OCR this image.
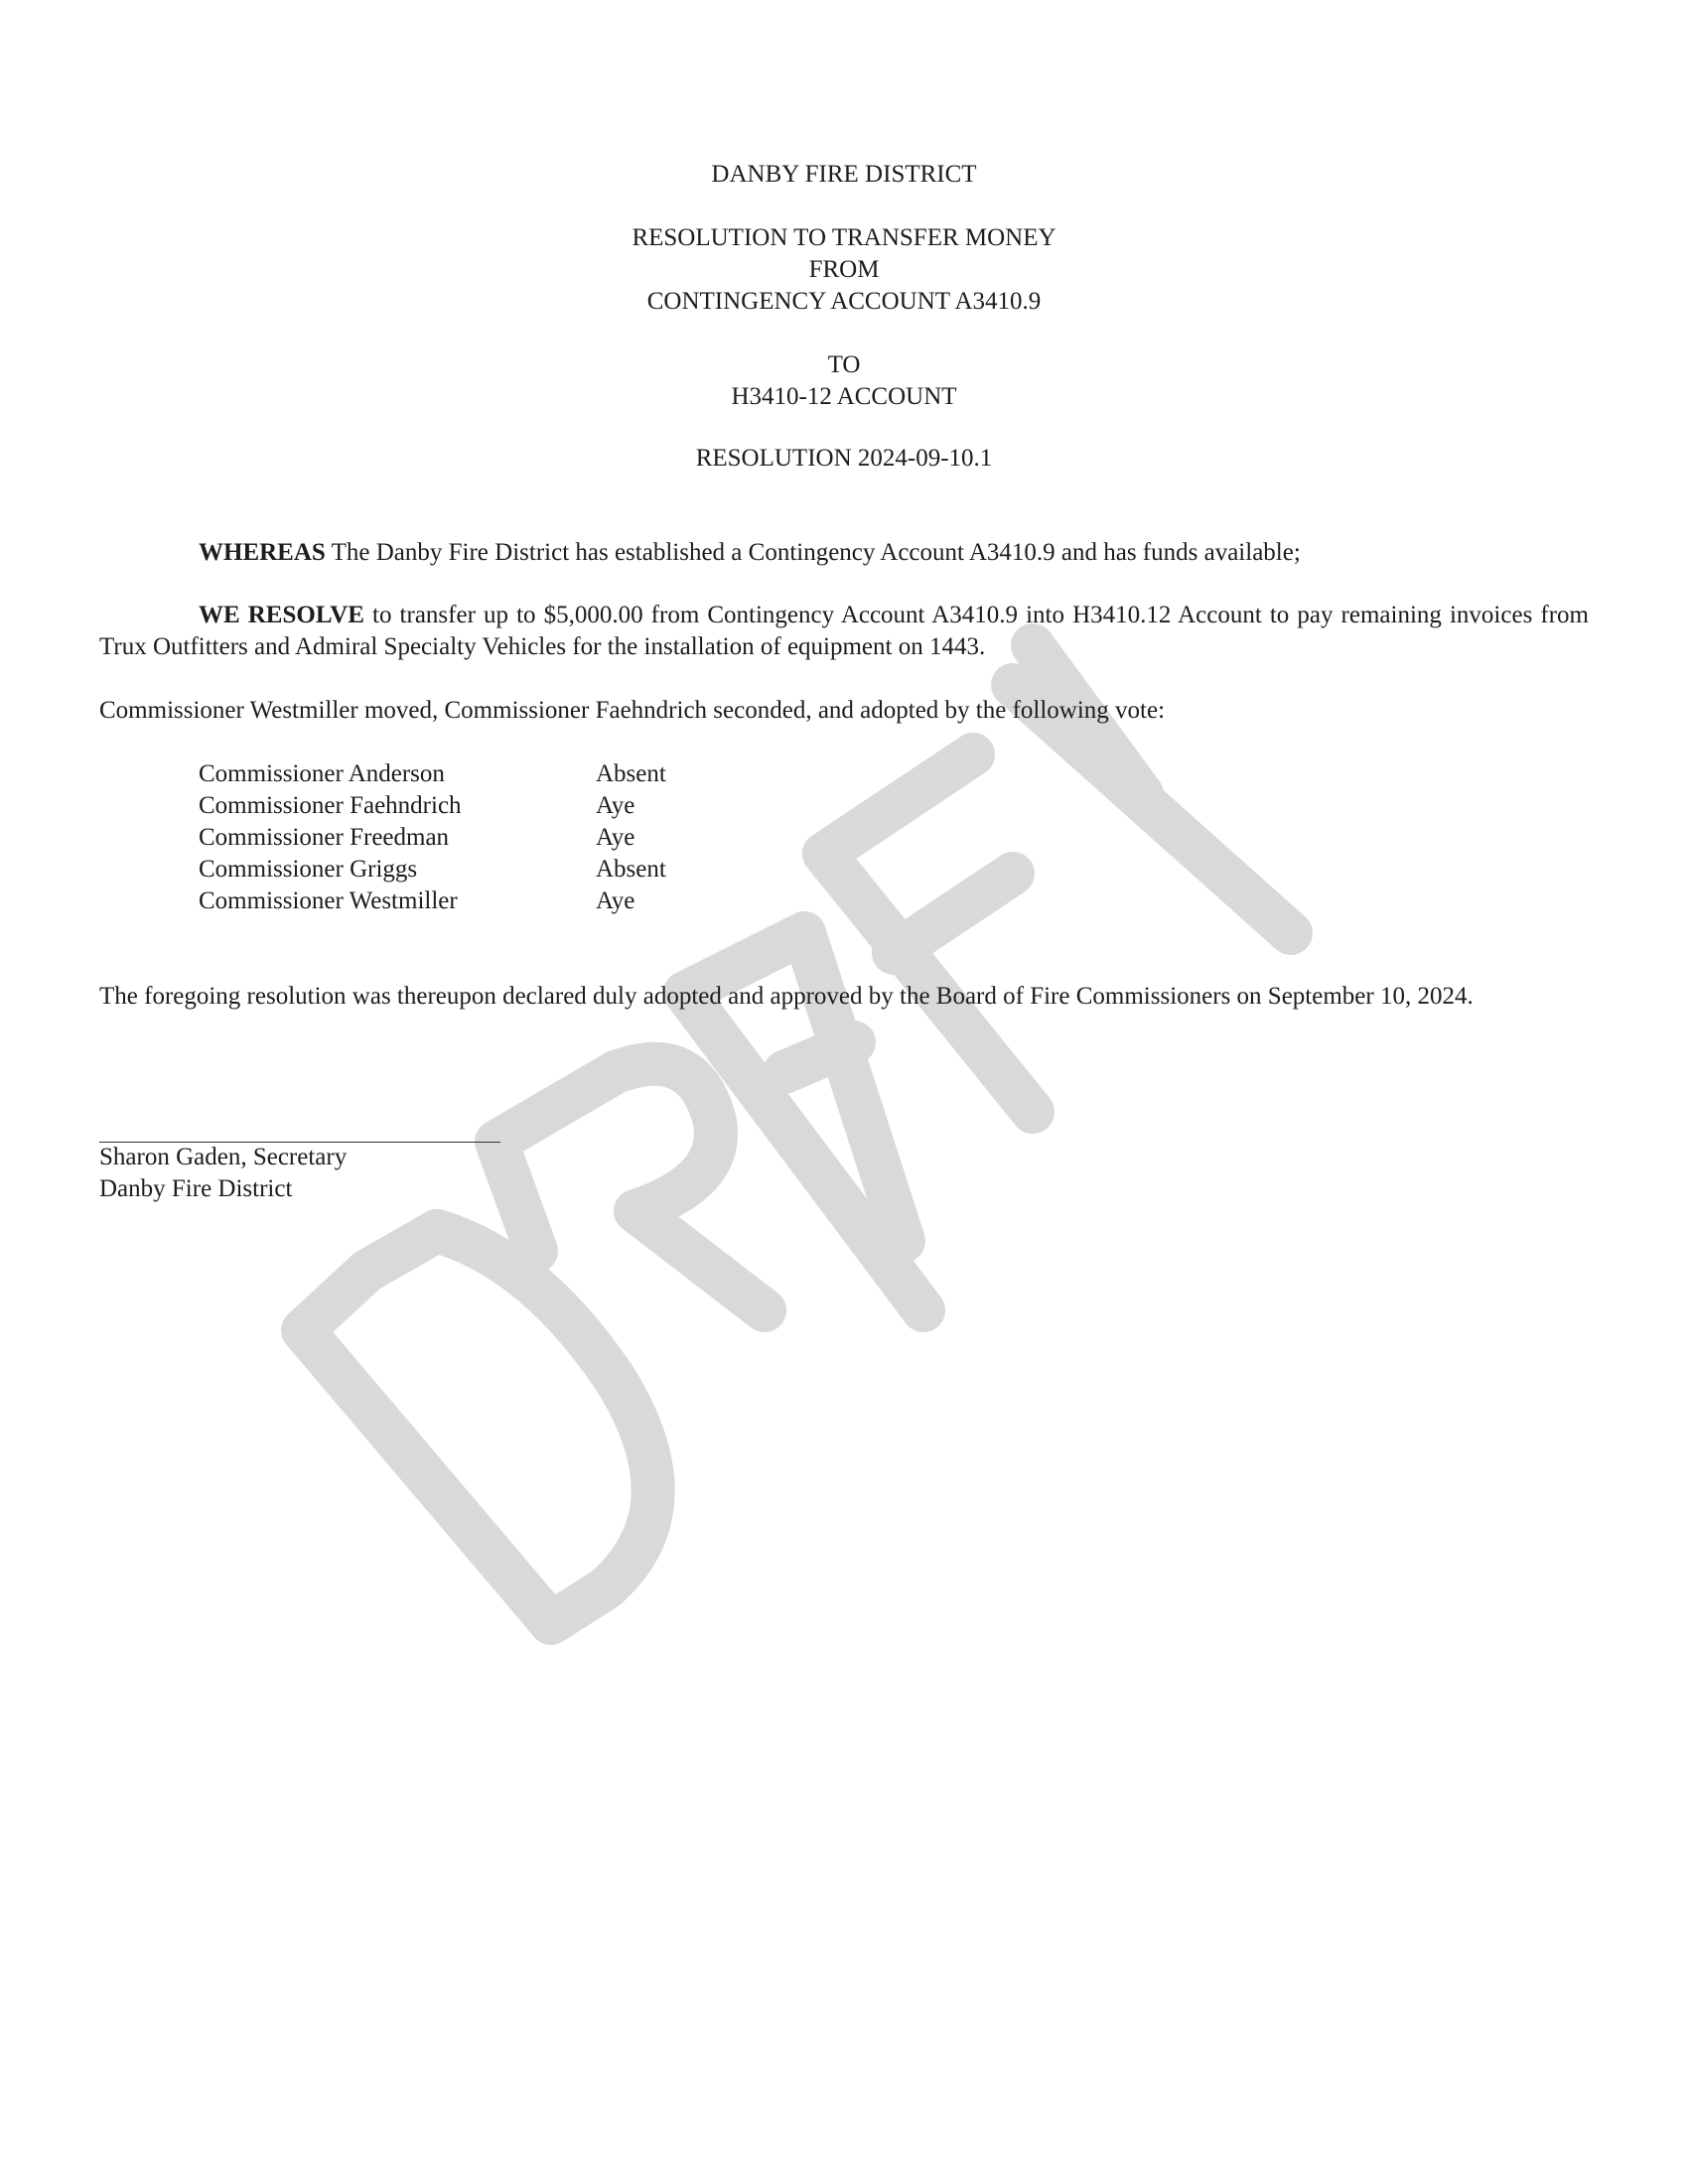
DANBY FIRE DISTRICT
RESOLUTION TO TRANSFER MONEY
FROM
CONTINGENCY ACCOUNT A3410.9
TO
H3410-12 ACCOUNT
RESOLUTION 2024-09-10.1
WHEREAS The Danby Fire District has established a Contingency Account A3410.9 and has funds available;
WE RESOLVE to transfer up to $5,000.00 from Contingency Account A3410.9 into H3410.12 Account to pay remaining invoices from Trux Outfitters and Admiral Specialty Vehicles for the installation of equipment on 1443.
Commissioner Westmiller moved, Commissioner Faehndrich seconded, and adopted by the following vote:
Commissioner Anderson	Absent
Commissioner Faehndrich	Aye
Commissioner Freedman	Aye
Commissioner Griggs	Absent
Commissioner Westmiller	Aye
The foregoing resolution was thereupon declared duly adopted and approved by the Board of Fire Commissioners on September 10, 2024.
Sharon Gaden, Secretary
Danby Fire District
